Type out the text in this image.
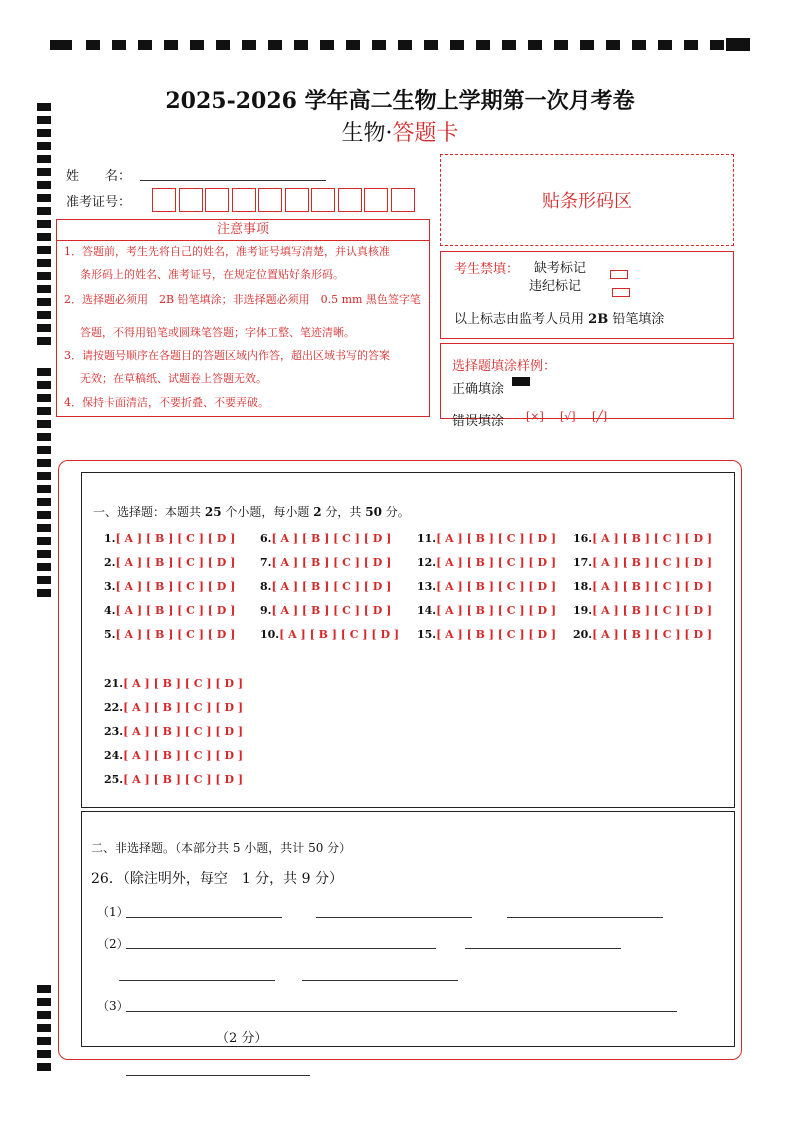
2025-2026 学年高二生物上学期第一次月考卷
生物·答题卡
姓　　名：
准考证号：	贴条形码区
注意事项
1．答题前，考生先将自己的姓名，准考证号填写清楚，并认真核准
条形码上的姓名、准考证号，在规定位置贴好条形码。
2．选择题必须用　2B 铅笔填涂；非选择题必须用　0.5 mm 黑色签字笔
答题，不得用铅笔或圆珠笔答题；字体工整、笔迹清晰。
3．请按题号顺序在各题目的答题区域内作答，超出区域书写的答案
无效；在草稿纸、试题卷上答题无效。
4．保持卡面清洁，不要折叠、不要弄破。
考生禁填： 缺考标记
违纪标记
以上标志由监考人员用 2B 铅笔填涂
选择题填涂样例：
正确填涂
错误填涂 [×] [√] [╱]
一、选择题：本题共 25 个小题，每小题 2 分，共 50 分。
1.[ A ] [ B ] [ C ] [ D ]
2.[ A ] [ B ] [ C ] [ D ]
3.[ A ] [ B ] [ C ] [ D ]
4.[ A ] [ B ] [ C ] [ D ]
5.[ A ] [ B ] [ C ] [ D ]
6.[ A ] [ B ] [ C ] [ D ]
7.[ A ] [ B ] [ C ] [ D ]
8.[ A ] [ B ] [ C ] [ D ]
9.[ A ] [ B ] [ C ] [ D ]
10.[ A ] [ B ] [ C ] [ D ]
11.[ A ] [ B ] [ C ] [ D ]
12.[ A ] [ B ] [ C ] [ D ]
13.[ A ] [ B ] [ C ] [ D ]
14.[ A ] [ B ] [ C ] [ D ]
15.[ A ] [ B ] [ C ] [ D ]
16.[ A ] [ B ] [ C ] [ D ]
17.[ A ] [ B ] [ C ] [ D ]
18.[ A ] [ B ] [ C ] [ D ]
19.[ A ] [ B ] [ C ] [ D ]
20.[ A ] [ B ] [ C ] [ D ]
21.[ A ] [ B ] [ C ] [ D ]
22.[ A ] [ B ] [ C ] [ D ]
23.[ A ] [ B ] [ C ] [ D ]
24.[ A ] [ B ] [ C ] [ D ]
25.[ A ] [ B ] [ C ] [ D ]
二、非选择题。（本部分共 5 小题，共计 50 分）
26．（除注明外，每空　1 分，共 9 分）
（1）
（2）
（3）
（2 分）
